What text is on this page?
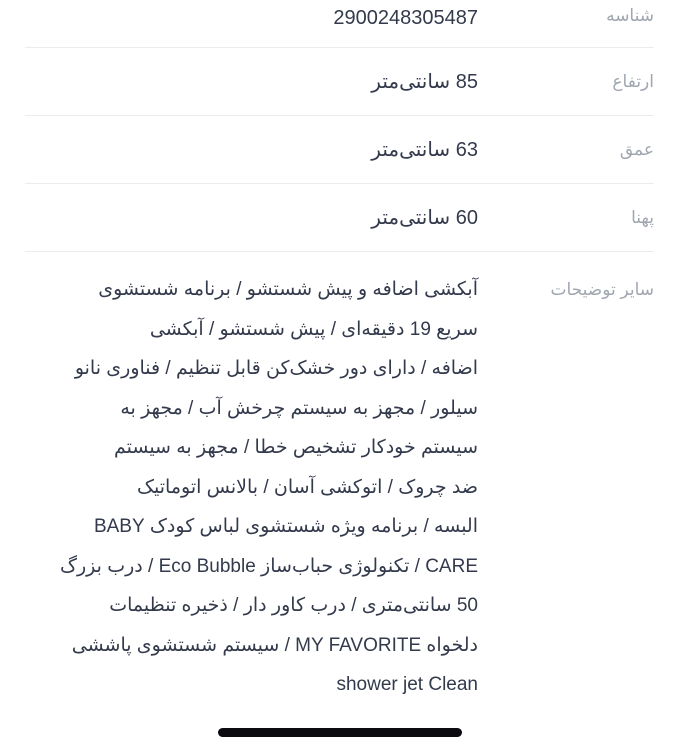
شناسه
2900248305487
ارتفاع
85 سانتی‌متر
عمق
63 سانتی‌متر
پهنا
60 سانتی‌متر
سایر توضیحات
آبکشی اضافه و پیش شستشو / برنامه شستشوی
سریع 19 دقیقه‌ای / پیش شستشو / آبکشی
اضافه / دارای دور خشک‌کن قابل تنظیم / فناوری نانو
سیلور / مجهز به سیستم چرخش آب / مجهز به
سیستم خودکار تشخیص خطا / مجهز به سیستم
ضد چروک / اتوکشی آسان / بالانس اتوماتیک
البسه / برنامه ویژه شستشوی لباس کودک BABY
CARE / تکنولوژی حباب‌ساز Eco Bubble / درب بزرگ
50 سانتی‌متری / درب کاور دار / ذخیره تنظیمات
دلخواه MY FAVORITE / سیستم شستشوی پاششی
shower jet Clean
